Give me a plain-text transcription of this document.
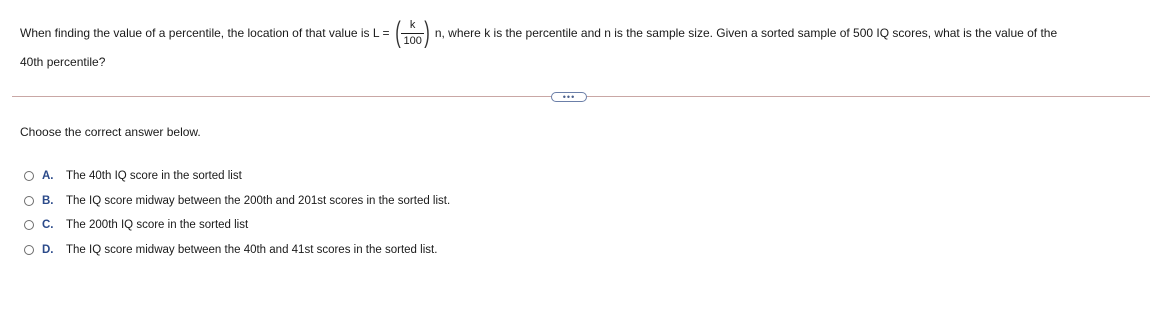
When finding the value of a percentile, the location of that value is L = ( $\frac{k}{100}$ ) n, where k is the percentile and n is the sample size. Given a sorted sample of 500 IQ scores, what is the value of the
40th percentile?
•••
Choose the correct answer below.
A.	The 40th IQ score in the sorted list
B.	The IQ score midway between the 200th and 201st scores in the sorted list.
C.	The 200th IQ score in the sorted list
D.	The IQ score midway between the 40th and 41st scores in the sorted list.
